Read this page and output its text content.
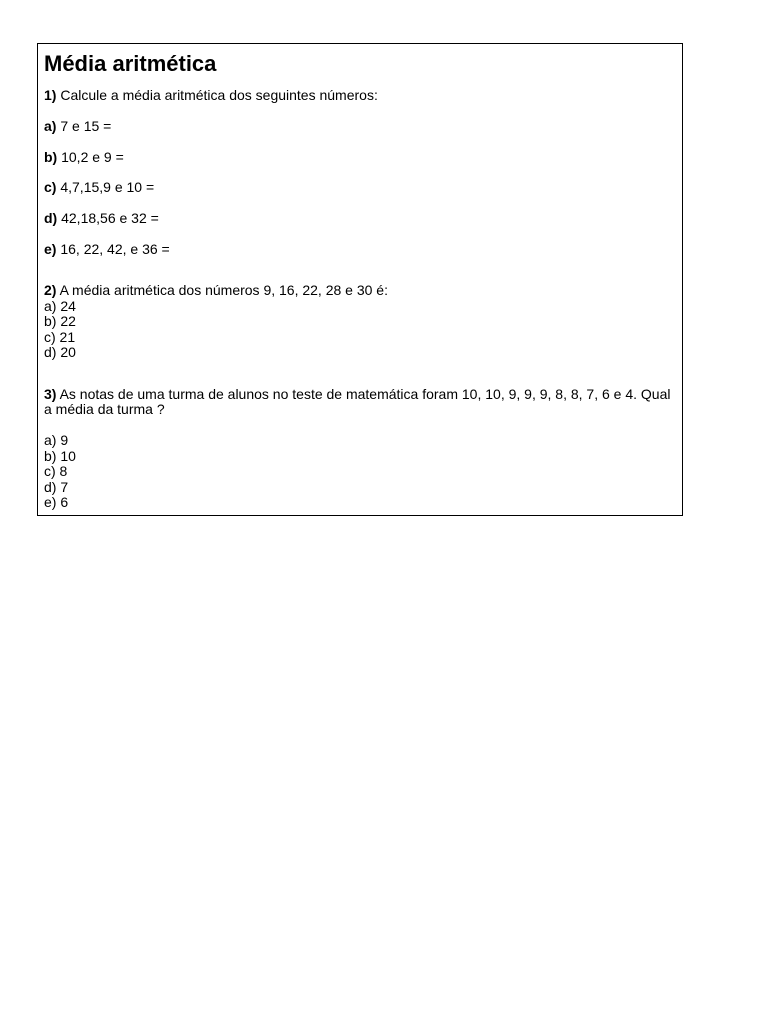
Média aritmética

1) Calcule a média aritmética dos seguintes números:

a) 7 e 15 =

b) 10,2 e 9 =

c) 4,7,15,9 e 10 =

d) 42,18,56 e 32 =

e) 16, 22, 42, e 36 =

2) A média aritmética dos números 9, 16, 22, 28 e 30 é:

a) 24

b) 22

c) 21

d) 20

3) As notas de uma turma de alunos no teste de matemática foram 10, 10, 9, 9, 9, 8, 8, 7, 6 e 4. Qual a média da turma ?

a) 9

b) 10

c) 8

d) 7

e) 6
